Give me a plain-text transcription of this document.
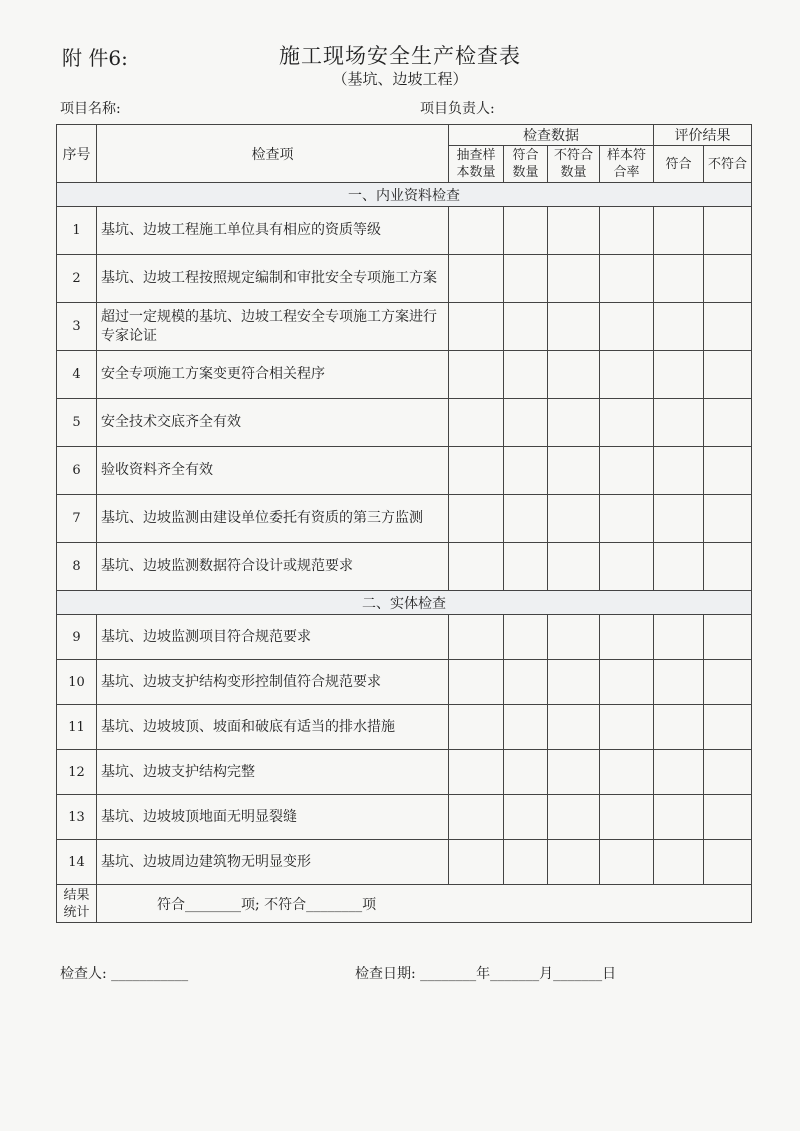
附 件6:	施工现场安全生产检查表
（基坑、边坡工程）
项目名称:	项目负责人:
序号	检查项	检查数据				评价结果	
		抽查样本数量	符合数量	不符合数量	样本符合率	符合	不符合
一、内业资料检查							
1	基坑、边坡工程施工单位具有相应的资质等级						
2	基坑、边坡工程按照规定编制和审批安全专项施工方案						
3	超过一定规模的基坑、边坡工程安全专项施工方案进行专家论证						
4	安全专项施工方案变更符合相关程序						
5	安全技术交底齐全有效						
6	验收资料齐全有效						
7	基坑、边坡监测由建设单位委托有资质的第三方监测						
8	基坑、边坡监测数据符合设计或规范要求						
二、实体检查							
9	基坑、边坡监测项目符合规范要求						
10	基坑、边坡支护结构变形控制值符合规范要求						
11	基坑、边坡坡顶、坡面和破底有适当的排水措施						
12	基坑、边坡支护结构完整						
13	基坑、边坡坡顶地面无明显裂缝						
14	基坑、边坡周边建筑物无明显变形						
结果统计	符合________项; 不符合________项						
检查人: ___________	检查日期: ________年_______月_______日
